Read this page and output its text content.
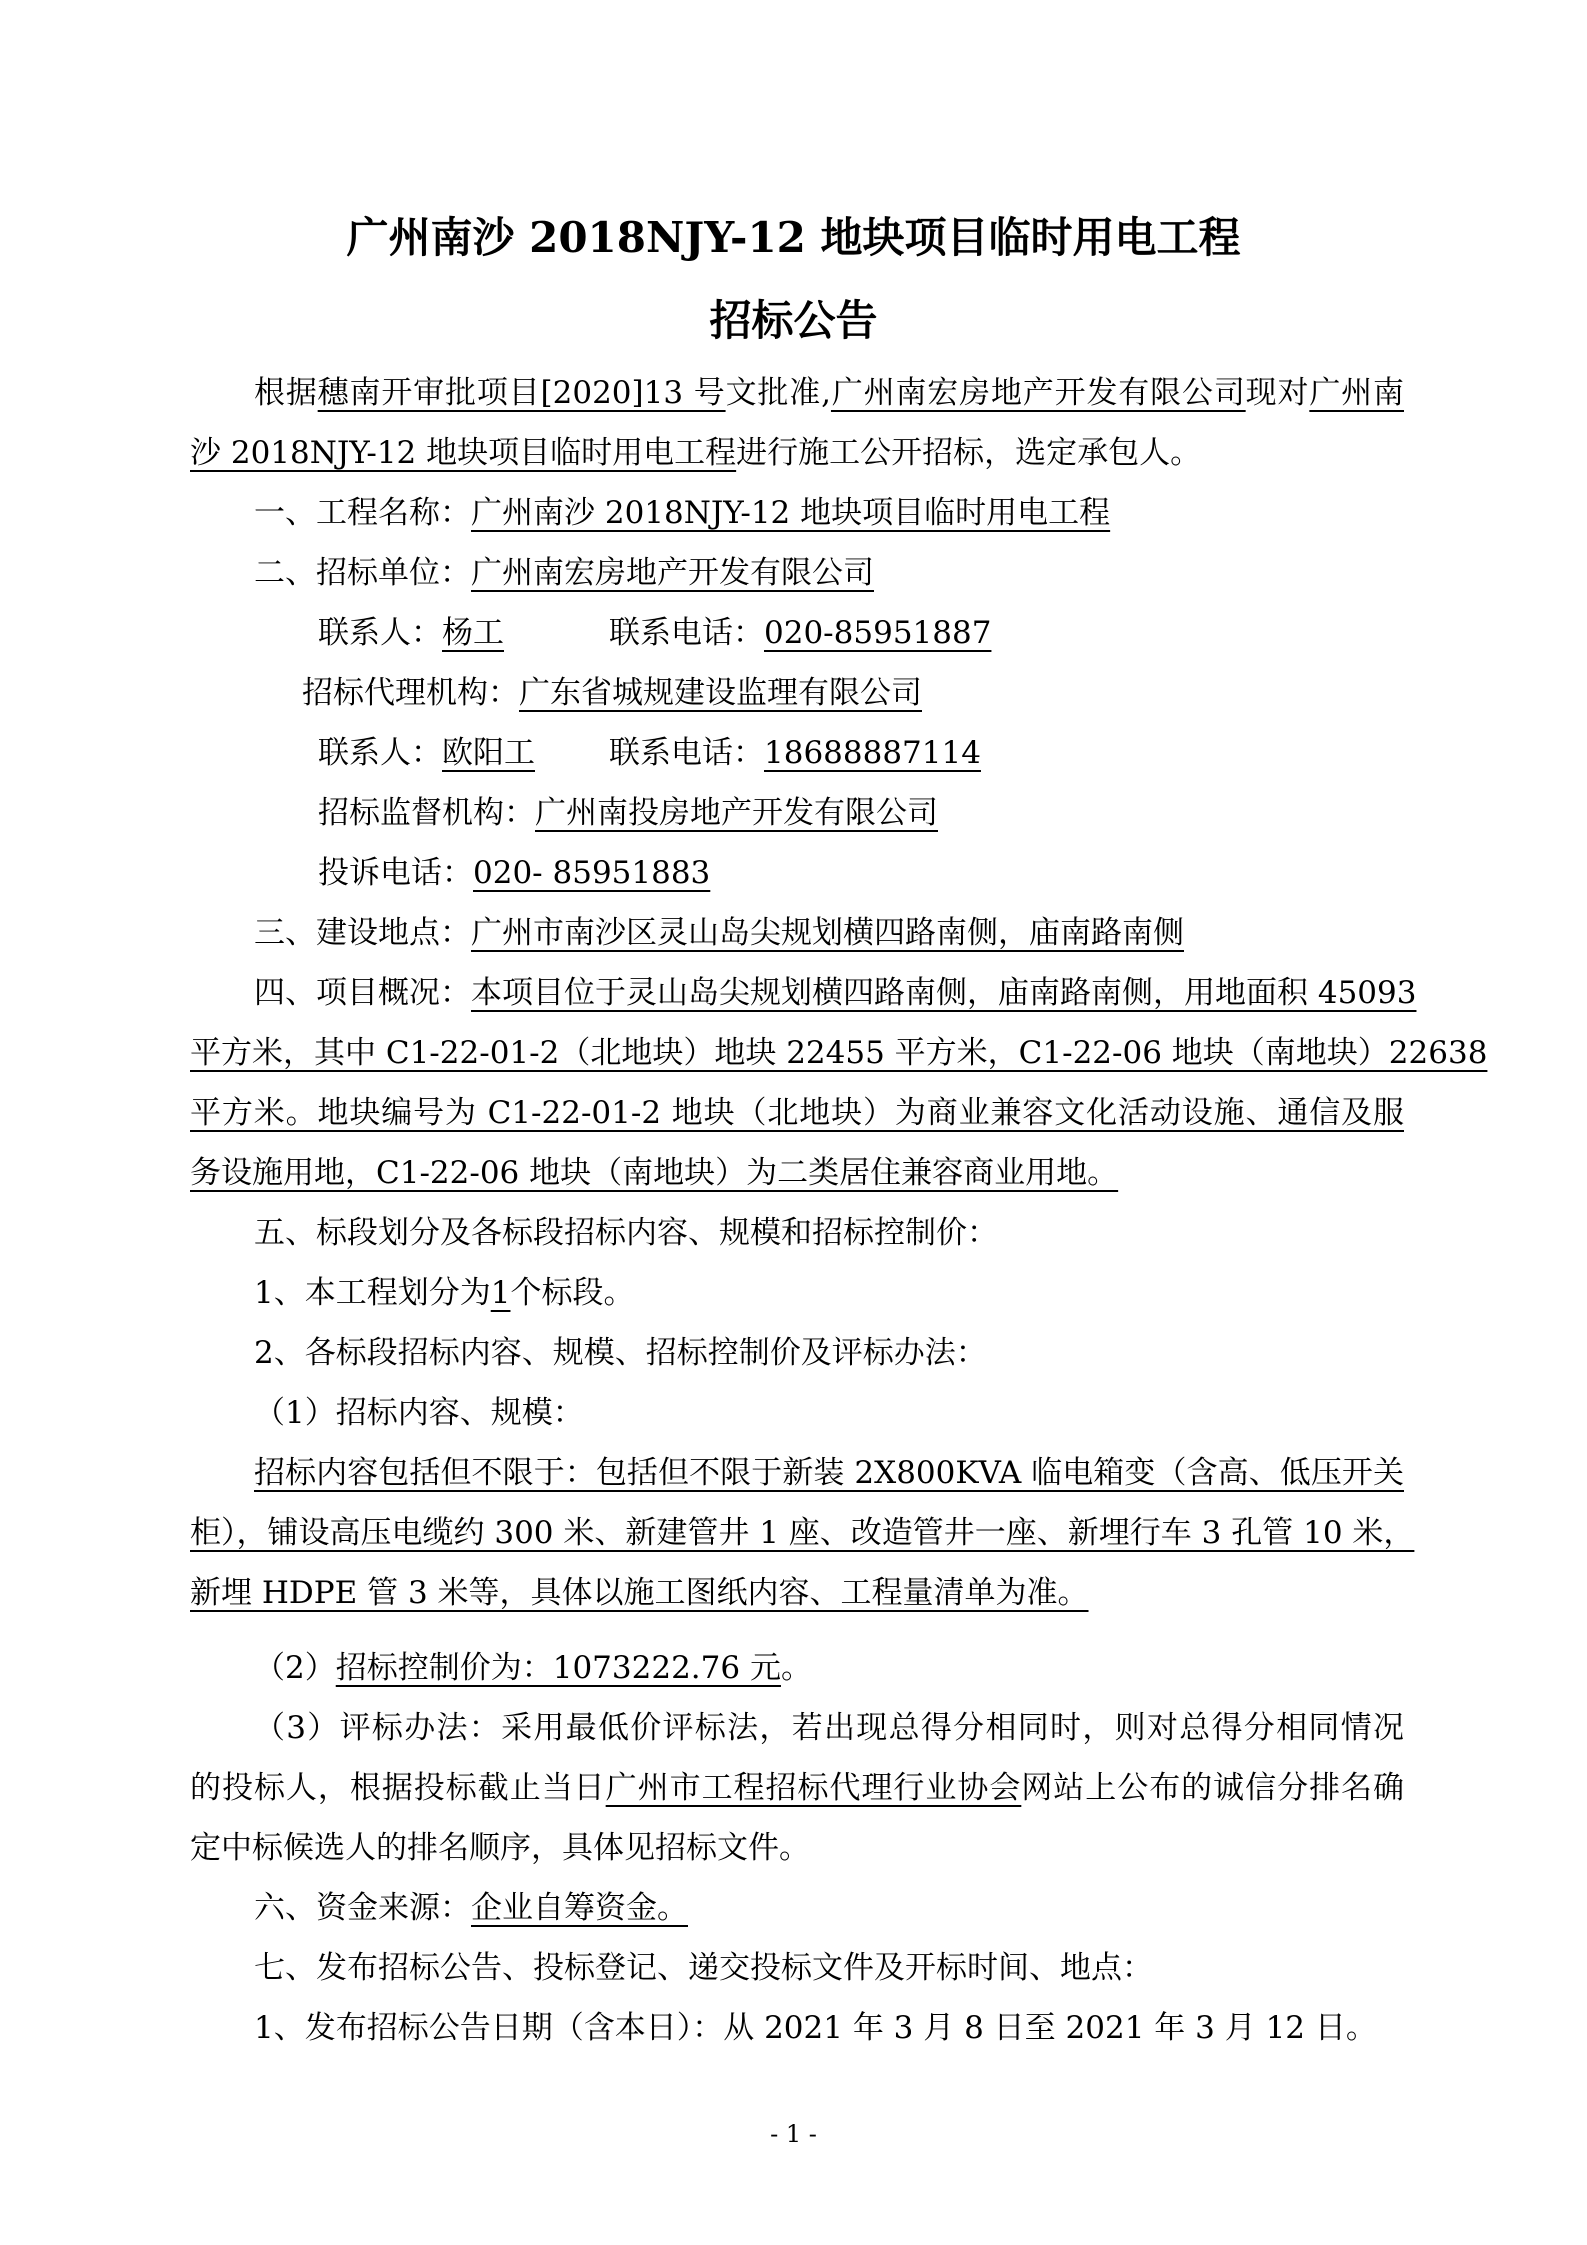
广州南沙 2018NJY-12 地块项目临时用电工程
招标公告
根据穗南开审批项目[2020]13 号文批准,广州南宏房地产开发有限公司现对广州南
沙 2018NJY-12 地块项目临时用电工程进行施工公开招标，选定承包人。
一、工程名称：广州南沙 2018NJY-12 地块项目临时用电工程
二、招标单位：广州南宏房地产开发有限公司
联系人：杨工	联系电话：020-85951887
招标代理机构：广东省城规建设监理有限公司
联系人：欧阳工 联系电话：18688887114
招标监督机构：广州南投房地产开发有限公司
投诉电话：020- 85951883
三、建设地点：广州市南沙区灵山岛尖规划横四路南侧，庙南路南侧
四、项目概况：本项目位于灵山岛尖规划横四路南侧，庙南路南侧，用地面积 45093
平方米，其中 C1-22-01-2（北地块）地块 22455 平方米，C1-22-06 地块（南地块）22638
平方米。地块编号为 C1-22-01-2 地块（北地块）为商业兼容文化活动设施、通信及服
务设施用地，C1-22-06 地块（南地块）为二类居住兼容商业用地。
五、标段划分及各标段招标内容、规模和招标控制价：
1、本工程划分为1个标段。
2、各标段招标内容、规模、招标控制价及评标办法：
（1）招标内容、规模：
招标内容包括但不限于：包括但不限于新装 2X800KVA 临电箱变（含高、低压开关
柜），铺设高压电缆约 300 米、新建管井 1 座、改造管井一座、新埋行车 3 孔管 10 米，
新埋 HDPE 管 3 米等，具体以施工图纸内容、工程量清单为准。
（2）招标控制价为：1073222.76 元。
（3）评标办法：采用最低价评标法，若出现总得分相同时，则对总得分相同情况
的投标人，根据投标截止当日广州市工程招标代理行业协会网站上公布的诚信分排名确
定中标候选人的排名顺序，具体见招标文件。
六、资金来源：企业自筹资金。
七、发布招标公告、投标登记、递交投标文件及开标时间、地点：
1、发布招标公告日期（含本日）：从 2021 年 3 月 8 日至 2021 年 3 月 12 日。
- 1 -
